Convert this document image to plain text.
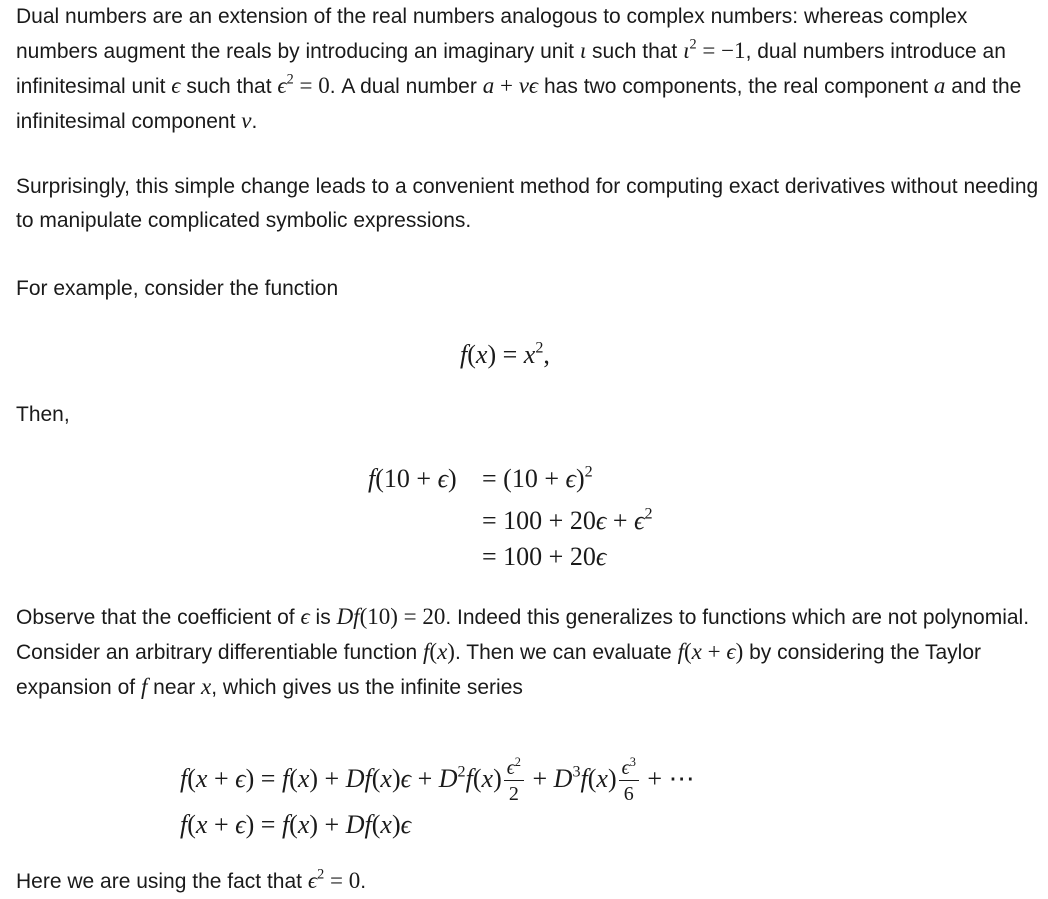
Dual numbers are an extension of the real numbers analogous to complex numbers: whereas complex numbers augment the reals by introducing an imaginary unit ι such that $\iota^2 = -1$, dual numbers introduce an infinitesimal unit ϵ such that $\epsilon^2 = 0$. A dual number a + vϵ has two components, the real component a and the infinitesimal component v.

Surprisingly, this simple change leads to a convenient method for computing exact derivatives without needing to manipulate complicated symbolic expressions.

For example, consider the function

$f(x) = x^2$,

Then,

$f(10 + \epsilon) = (10 + \epsilon)^2$
= $100 + 20\epsilon + \epsilon^2$
= 100 + 20ϵ

Observe that the coefficient of ϵ is Df(10) = 20. Indeed this generalizes to functions which are not polynomial. Consider an arbitrary differentiable function f(x). Then we can evaluate f(x + ϵ) by considering the Taylor expansion of f near x, which gives us the infinite series

$f(x + \epsilon) = f(x) + Df(x)\epsilon + D^2f(x) \frac{\epsilon^2}{2} + D^3f(x) \frac{\epsilon^3}{6}$ + ⋯
f(x + ϵ) = f(x) + Df(x)ϵ

Here we are using the fact that $\epsilon^2 = 0$.
